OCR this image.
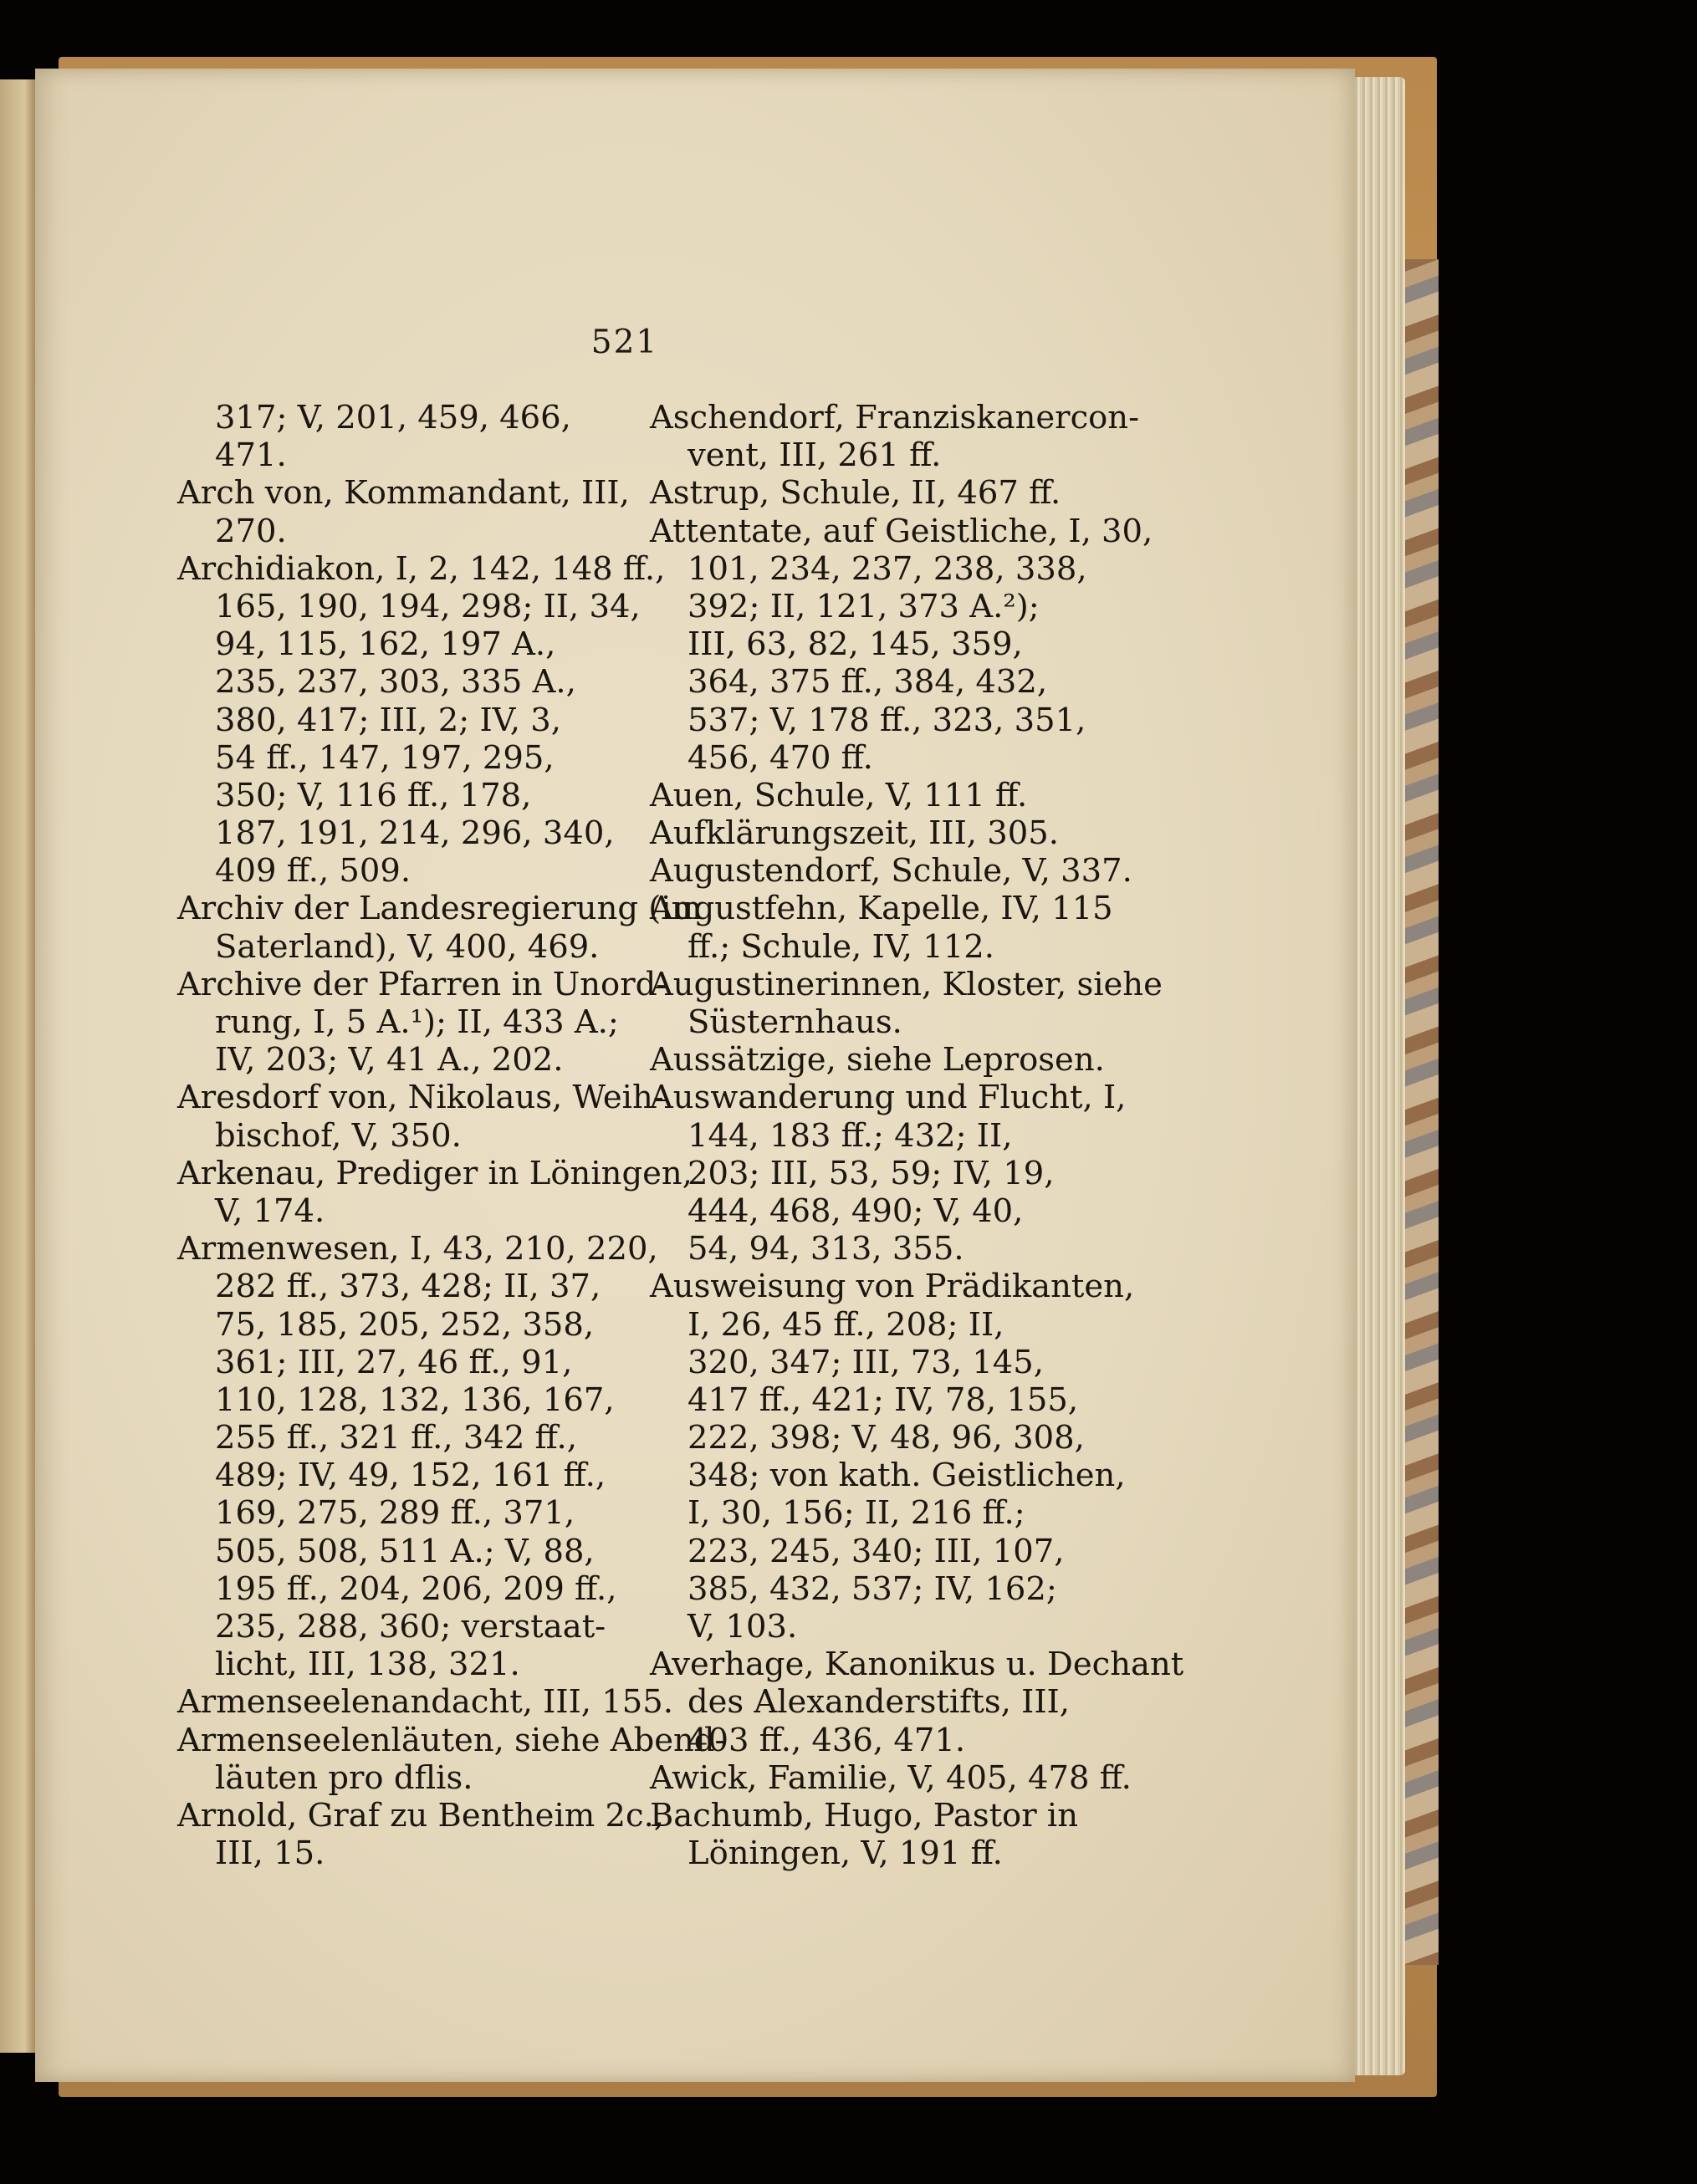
521
317; V, 201, 459, 466,
471.
Arch von, Kommandant, III,
270.
Archidiakon, I, 2, 142, 148 ff.,
165, 190, 194, 298; II, 34,
94, 115, 162, 197 A.,
235, 237, 303, 335 A.,
380, 417; III, 2; IV, 3,
54 ff., 147, 197, 295,
350; V, 116 ff., 178,
187, 191, 214, 296, 340,
409 ff., 509.
Archiv der Landesregierung (im
Saterland), V, 400, 469.
Archive der Pfarren in Unord-
rung, I, 5 A.¹); II, 433 A.;
IV, 203; V, 41 A., 202.
Aresdorf von, Nikolaus, Weih-
bischof, V, 350.
Arkenau, Prediger in Löningen,
V, 174.
Armenwesen, I, 43, 210, 220,
282 ff., 373, 428; II, 37,
75, 185, 205, 252, 358,
361; III, 27, 46 ff., 91,
110, 128, 132, 136, 167,
255 ff., 321 ff., 342 ff.,
489; IV, 49, 152, 161 ff.,
169, 275, 289 ff., 371,
505, 508, 511 A.; V, 88,
195 ff., 204, 206, 209 ff.,
235, 288, 360; verstaat-
licht, III, 138, 321.
Armenseelenandacht, III, 155.
Armenseelenläuten, siehe Abend-
läuten pro dflis.
Arnold, Graf zu Bentheim 2c.,
III, 15.
Aschendorf, Franziskanercon-
vent, III, 261 ff.
Astrup, Schule, II, 467 ff.
Attentate, auf Geistliche, I, 30,
101, 234, 237, 238, 338,
392; II, 121, 373 A.²);
III, 63, 82, 145, 359,
364, 375 ff., 384, 432,
537; V, 178 ff., 323, 351,
456, 470 ff.
Auen, Schule, V, 111 ff.
Aufklärungszeit, III, 305.
Augustendorf, Schule, V, 337.
Augustfehn, Kapelle, IV, 115
ff.; Schule, IV, 112.
Augustinerinnen, Kloster, siehe
Süsternhaus.
Aussätzige, siehe Leprosen.
Auswanderung und Flucht, I,
144, 183 ff.; 432; II,
203; III, 53, 59; IV, 19,
444, 468, 490; V, 40,
54, 94, 313, 355.
Ausweisung von Prädikanten,
I, 26, 45 ff., 208; II,
320, 347; III, 73, 145,
417 ff., 421; IV, 78, 155,
222, 398; V, 48, 96, 308,
348; von kath. Geistlichen,
I, 30, 156; II, 216 ff.;
223, 245, 340; III, 107,
385, 432, 537; IV, 162;
V, 103.
Averhage, Kanonikus u. Dechant
des Alexanderstifts, III,
403 ff., 436, 471.
Awick, Familie, V, 405, 478 ff.
Bachumb, Hugo, Pastor in
Löningen, V, 191 ff.
